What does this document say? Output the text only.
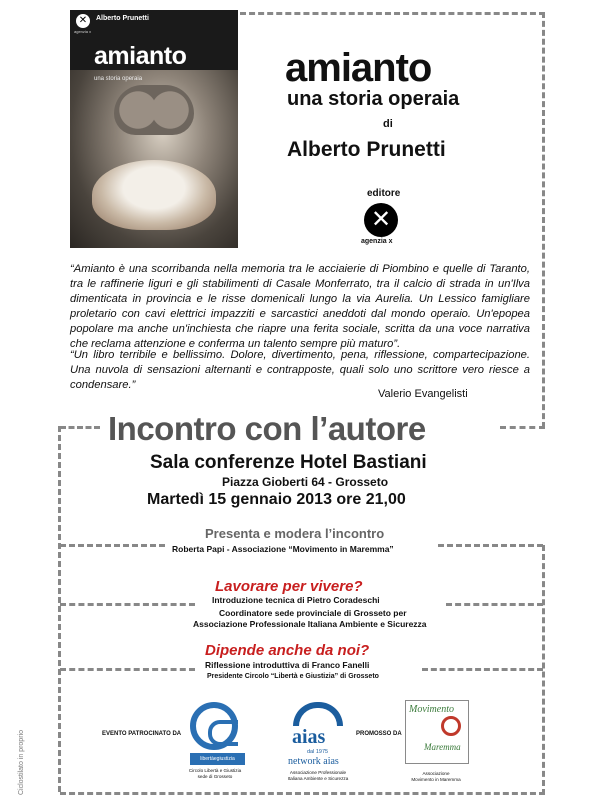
✕
agenzia x
Alberto Prunetti
amianto
una storia operaia	amianto
una storia operaia
di
Alberto Prunetti
editore
✕
agenzia x
“Amianto è una scorribanda nella memoria tra le acciaierie di Piombino e quelle di Taranto, tra le raffinerie liguri e gli stabilimenti di Casale Monferrato, tra il calcio di strada in un'Ilva dimenticata in provincia e le risse domenicali lungo la via Aurelia. Un Lessico famigliare proletario con cavi elettrici impazziti e sarcastici aneddoti dal mondo operaio. Un'epopea popolare ma anche un'inchiesta che riapre una ferita sociale, scritta da una voce narrativa che reclama attenzione e conferma un talento sempre più maturo”.
“Un libro terribile e bellissimo. Dolore, divertimento, pena, riflessione, compartecipazione. Una nuvola di sensazioni alternanti e contrapposte, quali solo uno scrittore vero riesce a condensare.”
Valerio Evangelisti
Incontro con l’autore
Sala conferenze Hotel Bastiani
Piazza Gioberti 64 - Grosseto
Martedì 15 gennaio 2013 ore 21,00
Presenta e modera l’incontro
Roberta Papi - Associazione “Movimento in Maremma”
Lavorare per vivere?
Introduzione tecnica di Pietro Coradeschi
Coordinatore sede provinciale di Grosseto per
Associazione Professionale Italiana Ambiente e Sicurezza
Dipende anche da noi?
Riflessione introduttiva di Franco Fanelli
Presidente Circolo “Libertà e Giustizia” di Grosseto
EVENTO PATROCINATO DA	PROMOSSO DA
libertàegiustizia
Circolo Libertà e Giustizia
sede di Grosseto
aias
dal 1975
network aias
Associazione Professionale
Italiana Ambiente e Sicurezza
Movimento
Maremma
Associazione
Movimento in Maremma
Ciclostilato in proprio
